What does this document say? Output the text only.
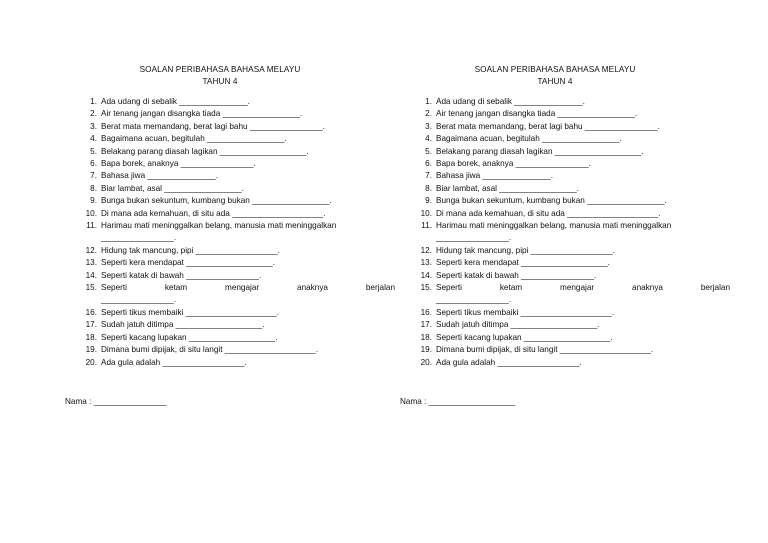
SOALAN PERIBAHASA BAHASA MELAYU
TAHUN 4
1. Ada udang di sebalik _______________.
2. Air tenang jangan disangka tiada _________________.
3. Berat mata memandang, berat lagi bahu ________________.
4. Bagaimana acuan, begitulah _________________.
5. Belakang parang diasah lagikan ___________________.
6. Bapa borek, anaknya ________________.
7. Bahasa jiwa _______________.
8. Biar lambat, asal _________________.
9. Bunga bukan sekuntum, kumbang bukan _________________.
10. Di mana ada kemahuan, di situ ada ____________________.
11. Harimau mati meninggalkan belang, manusia mati meninggalkan
________________.
12. Hidung tak mancung, pipi __________________.
13. Seperti kera mendapat ___________________.
14. Seperti katak di bawah ________________.
15. Seperti ketam mengajar anaknya berjalan
________________.
16. Seperti tikus membaiki ____________________.
17. Sudah jatuh ditimpa ___________________.
18. Seperti kacang lupakan ___________________.
19. Dimana bumi dipijak, di situ langit ____________________.
20. Ada gula adalah __________________.
Nama : ________________
SOALAN PERIBAHASA BAHASA MELAYU
TAHUN 4
1. Ada udang di sebalik _______________.
2. Air tenang jangan disangka tiada _________________.
3. Berat mata memandang, berat lagi bahu ________________.
4. Bagaimana acuan, begitulah _________________.
5. Belakang parang diasah lagikan ___________________.
6. Bapa borek, anaknya ________________.
7. Bahasa jiwa _______________.
8. Biar lambat, asal _________________.
9. Bunga bukan sekuntum, kumbang bukan _________________.
10. Di mana ada kemahuan, di situ ada ____________________.
11. Harimau mati meninggalkan belang, manusia mati meninggalkan
________________.
12. Hidung tak mancung, pipi __________________.
13. Seperti kera mendapat ___________________.
14. Seperti katak di bawah ________________.
15. Seperti ketam mengajar anaknya berjalan
________________.
16. Seperti tikus membaiki ____________________.
17. Sudah jatuh ditimpa ___________________.
18. Seperti kacang lupakan ___________________.
19. Dimana bumi dipijak, di situ langit ____________________.
20. Ada gula adalah __________________.
Nama : ___________________
